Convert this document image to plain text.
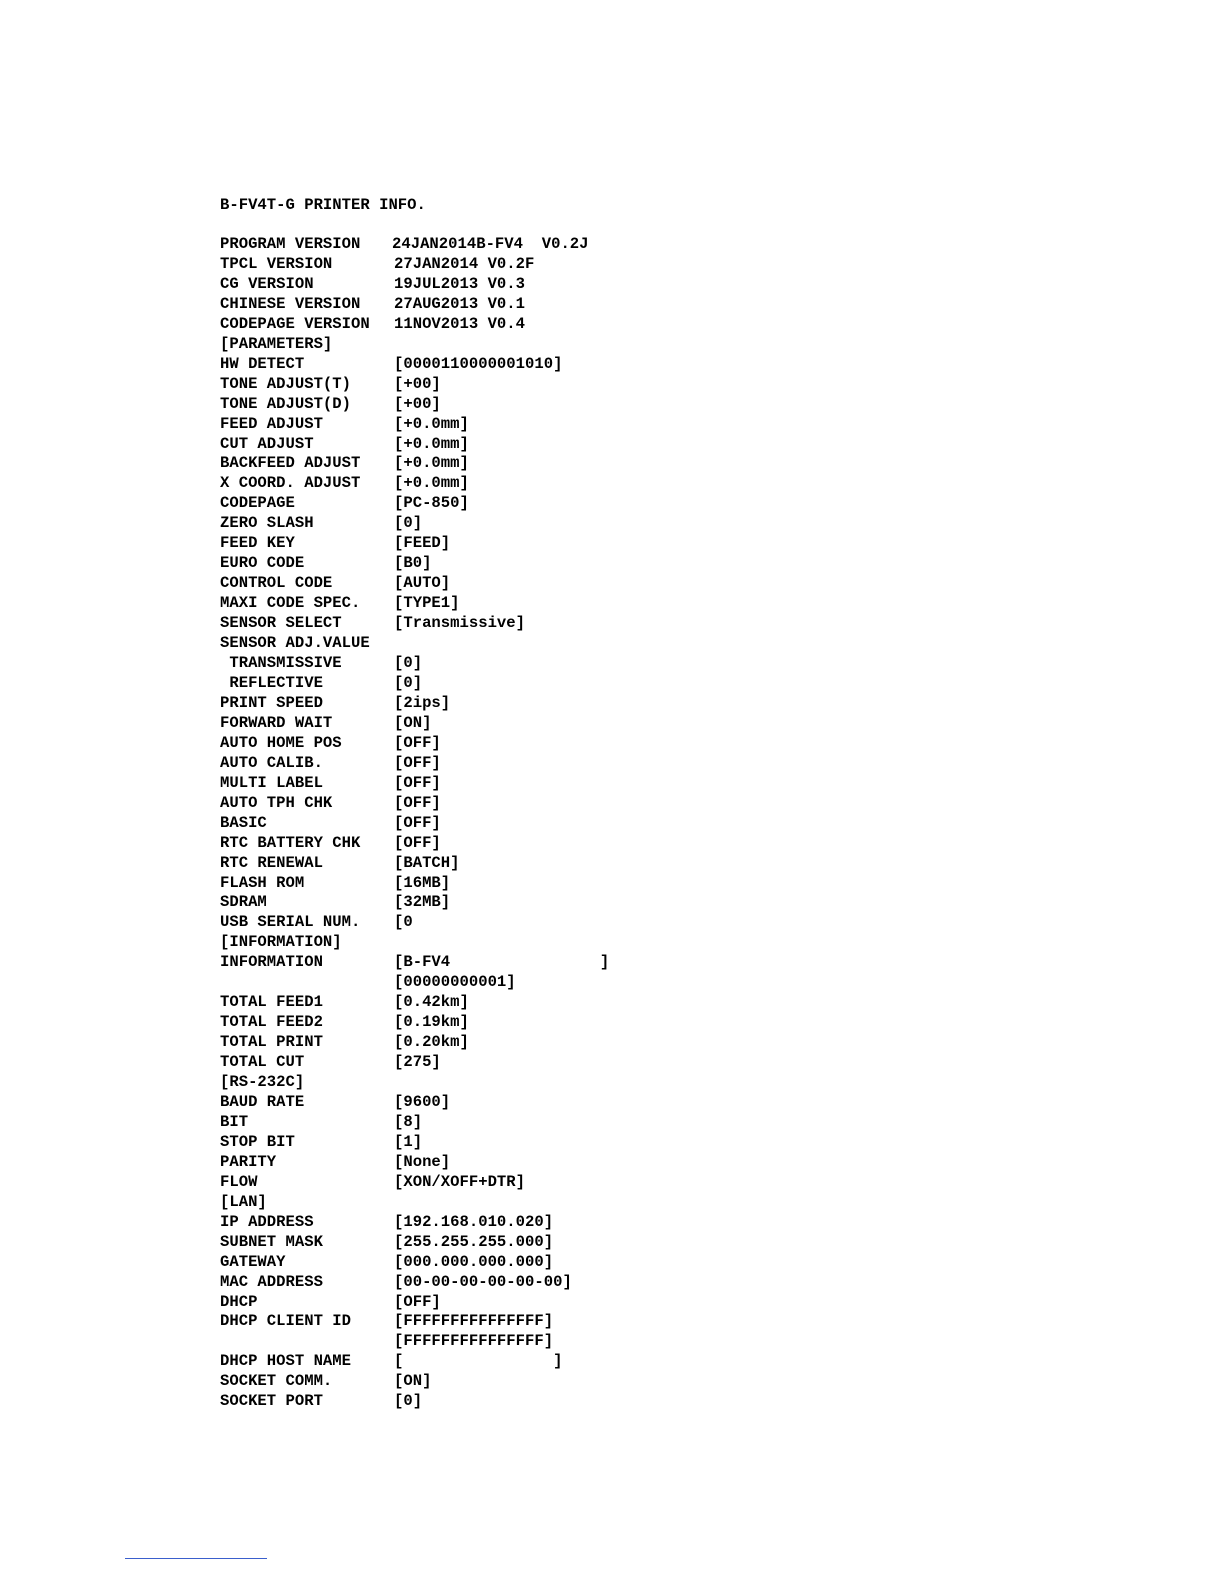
B-FV4T-G PRINTER INFO.
PROGRAM VERSION 24JAN2014B-FV4  V0.2J
TPCL VERSION	27JAN2014 V0.2F
CG VERSION	19JUL2013 V0.3
CHINESE VERSION 27AUG2013 V0.1
CODEPAGE VERSION 11NOV2013 V0.4
[PARAMETERS]
HW DETECT	[0000110000001010]
TONE ADJUST(T)	[+00]
TONE ADJUST(D)	[+00]
FEED ADJUST	[+0.0mm]
CUT ADJUST	[+0.0mm]
BACKFEED ADJUST [+0.0mm]
X COORD. ADJUST [+0.0mm]
CODEPAGE	[PC-850]
ZERO SLASH	[0]
FEED KEY	[FEED]
EURO CODE	[B0]
CONTROL CODE	[AUTO]
MAXI CODE SPEC. [TYPE1]
SENSOR SELECT	[Transmissive]
SENSOR ADJ.VALUE
TRANSMISSIVE	[0]
REFLECTIVE	[0]
PRINT SPEED	[2ips]
FORWARD WAIT	[ON]
AUTO HOME POS	[OFF]
AUTO CALIB.	[OFF]
MULTI LABEL	[OFF]
AUTO TPH CHK	[OFF]
BASIC	[OFF]
RTC BATTERY CHK [OFF]
RTC RENEWAL	[BATCH]
FLASH ROM	[16MB]
SDRAM	[32MB]
USB SERIAL NUM. [0
[INFORMATION]
INFORMATION	[B-FV4                ]
[00000000001]
TOTAL FEED1	[0.42km]
TOTAL FEED2	[0.19km]
TOTAL PRINT	[0.20km]
TOTAL CUT	[275]
[RS-232C]
BAUD RATE	[9600]
BIT	[8]
STOP BIT	[1]
PARITY	[None]
FLOW	[XON/XOFF+DTR]
[LAN]
IP ADDRESS	[192.168.010.020]
SUBNET MASK	[255.255.255.000]
GATEWAY	[000.000.000.000]
MAC ADDRESS	[00-00-00-00-00-00]
DHCP	[OFF]
DHCP CLIENT ID	[FFFFFFFFFFFFFFF]
[FFFFFFFFFFFFFFF]
DHCP HOST NAME	[                ]
SOCKET COMM.	[ON]
SOCKET PORT	[0]
